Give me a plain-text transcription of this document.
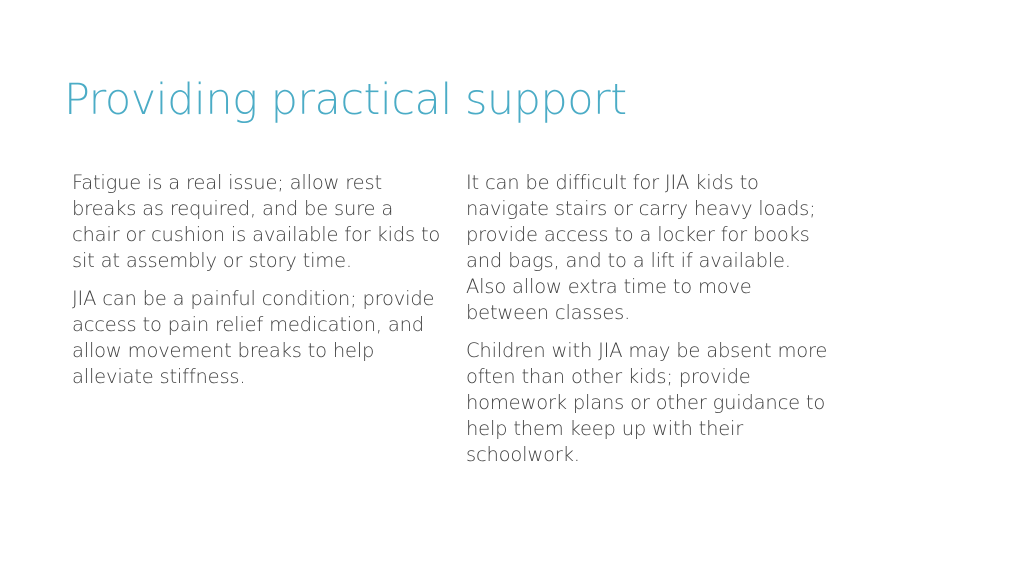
Providing practical support

Fatigue is a real issue; allow rest breaks as required, and be sure a chair or cushion is available for kids to sit at assembly or story time.

JIA can be a painful condition; provide access to pain relief medication, and allow movement breaks to help alleviate stiffness.

It can be difficult for JIA kids to navigate stairs or carry heavy loads; provide access to a locker for books and bags, and to a lift if available. Also allow extra time to move between classes.

Children with JIA may be absent more often than other kids; provide homework plans or other guidance to help them keep up with their schoolwork.
